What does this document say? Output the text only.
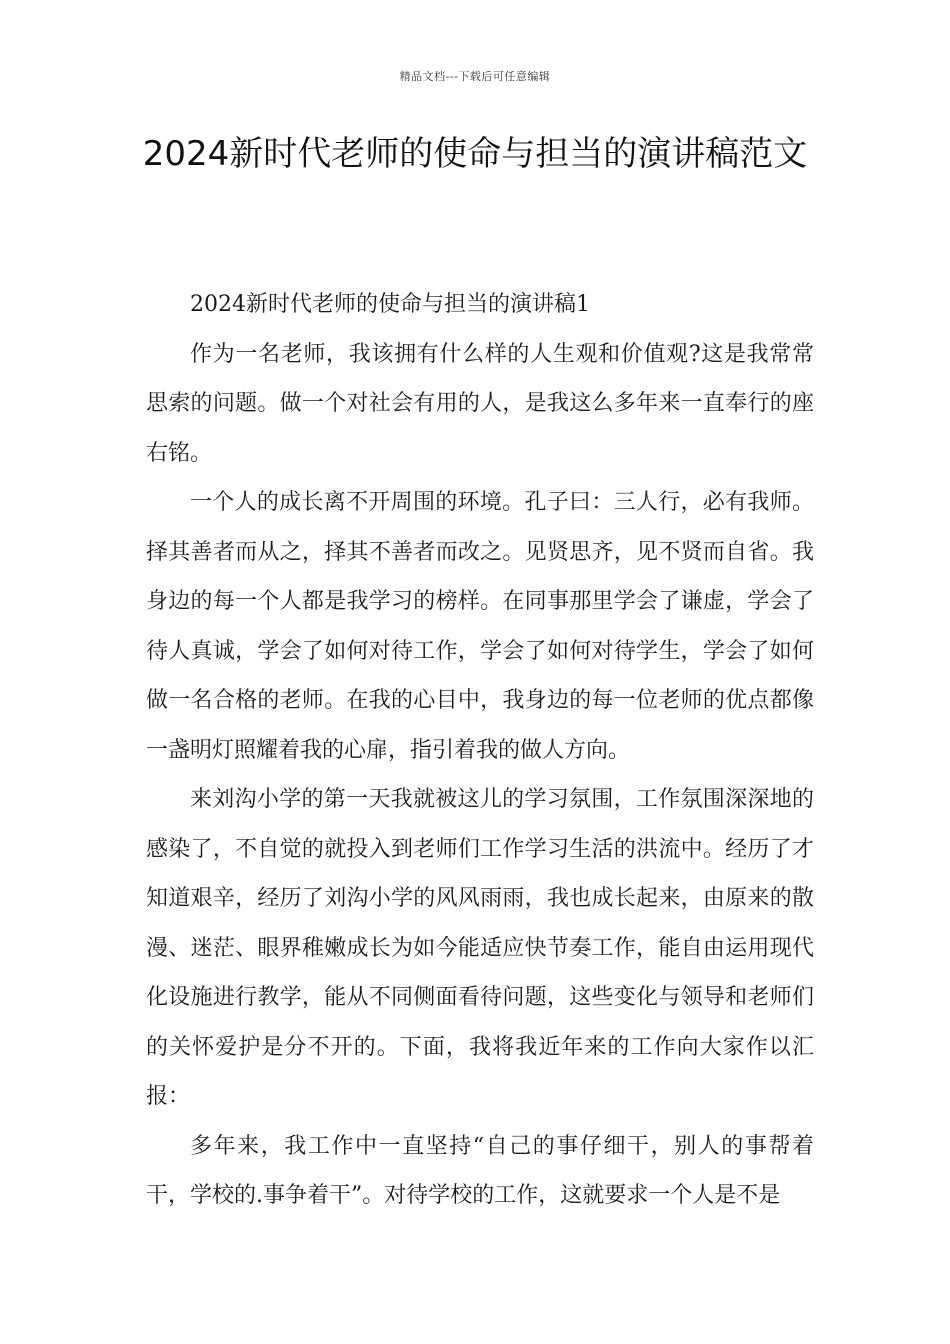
精品文档---下载后可任意编辑
2024新时代老师的使命与担当的演讲稿范文

2024新时代老师的使命与担当的演讲稿1

作为一名老师，我该拥有什么样的人生观和价值观?这是我常常思索的问题。做一个对社会有用的人，是我这么多年来一直奉行的座右铭。

一个人的成长离不开周围的环境。孔子曰：三人行，必有我师。择其善者而从之，择其不善者而改之。见贤思齐，见不贤而自省。我身边的每一个人都是我学习的榜样。在同事那里学会了谦虚，学会了待人真诚，学会了如何对待工作，学会了如何对待学生，学会了如何做一名合格的老师。在我的心目中，我身边的每一位老师的优点都像一盏明灯照耀着我的心扉，指引着我的做人方向。

来刘沟小学的第一天我就被这儿的学习氛围，工作氛围深深地的感染了，不自觉的就投入到老师们工作学习生活的洪流中。经历了才知道艰辛，经历了刘沟小学的风风雨雨，我也成长起来，由原来的散漫、迷茫、眼界稚嫩成长为如今能适应快节奏工作，能自由运用现代化设施进行教学，能从不同侧面看待问题，这些变化与领导和老师们的关怀爱护是分不开的。下面，我将我近年来的工作向大家作以汇报：

多年来，我工作中一直坚持“自己的事仔细干，别人的事帮着干，学校的.事争着干”。对待学校的工作，这就要求一个人是不是
